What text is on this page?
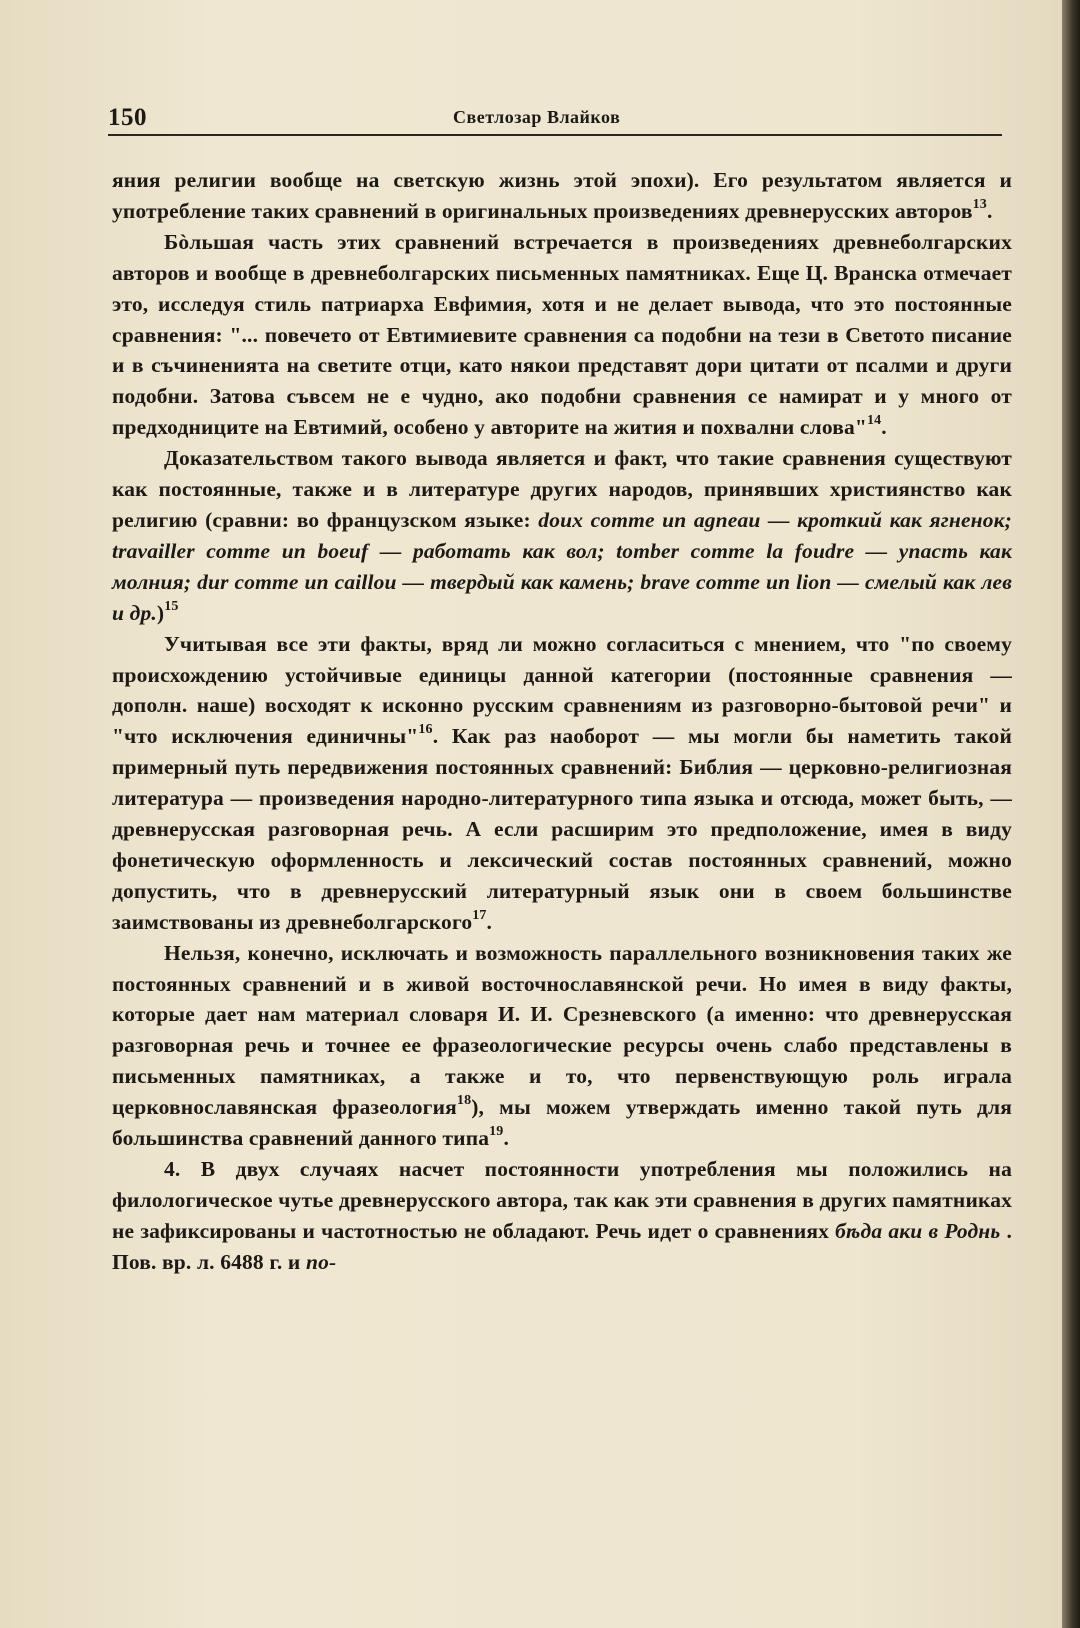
150	Светлозар Влайков

яния религии вообще на светскую жизнь этой эпохи). Его результатом является и употребление таких сравнений в оригинальных произведениях древнерусских авторов$^{13}$.

Бòльшая часть этих сравнений встречается в произведениях древнеболгарских авторов и вообще в древнеболгарских письменных памятниках. Еще Ц. Вранска отмечает это, исследуя стиль патриарха Евфимия, хотя и не делает вывода, что это постоянные сравнения: "... повечето от Евтимиевите сравнения са подобни на тези в Светото писание и в съчиненията на светите отци, като някои представят дори цитати от псалми и други подобни. Затова съвсем не е чудно, ако подобни сравнения се намират и у много от предходниците на Евтимий, особено у авторите на жития и похвални слова"$^{14}$.

Доказательством такого вывода является и факт, что такие сравнения существуют как постоянные, также и в литературе других народов, принявших християнство как религию (сравни: во французском языке: doux comme un agneau — кроткий как ягненок; travailler comme un boeuf — работать как вол; tomber comme la foudre — упасть как молния; dur comme un caillou — твердый как камень; brave comme un lion — смелый как лев и др.)$^{15}$

Учитывая все эти факты, вряд ли можно согласиться с мнением, что "по своему происхождению устойчивые единицы данной категории (постоянные сравнения — дополн. наше) восходят к исконно русским сравнениям из разговорно-бытовой речи" и "что исключения единичны"$^{16}$. Как раз наоборот — мы могли бы наметить такой примерный путь передвижения постоянных сравнений: Библия — церковно-религиозная литература — произведения народно-литературного типа языка и отсюда, может быть, — древнерусская разговорная речь. А если расширим это предположение, имея в виду фонетическую оформленность и лексический состав постоянных сравнений, можно допустить, что в древнерусский литературный язык они в своем большинстве заимствованы из древнеболгарского$^{17}$.

Нельзя, конечно, исключать и возможность параллельного возникновения таких же постоянных сравнений и в живой восточнославянской речи. Но имея в виду факты, которые дает нам материал словаря И. И. Срезневского (а именно: что древнерусская разговорная речь и точнее ее фразеологические ресурсы очень слабо представлены в письменных памятниках, а также и то, что первенствующую роль играла церковнославянская фразеология$^{18}$), мы можем утверждать именно такой путь для большинства сравнений данного типа$^{19}$.

4. В двух случаях насчет постоянности употребления мы положились на филологическое чутье древнерусского автора, так как эти сравнения в других памятниках не зафиксированы и частотностью не обладают. Речь идет о сравнениях бѣда аки в Роднь . Пов. вр. л. 6488 г. и по-
